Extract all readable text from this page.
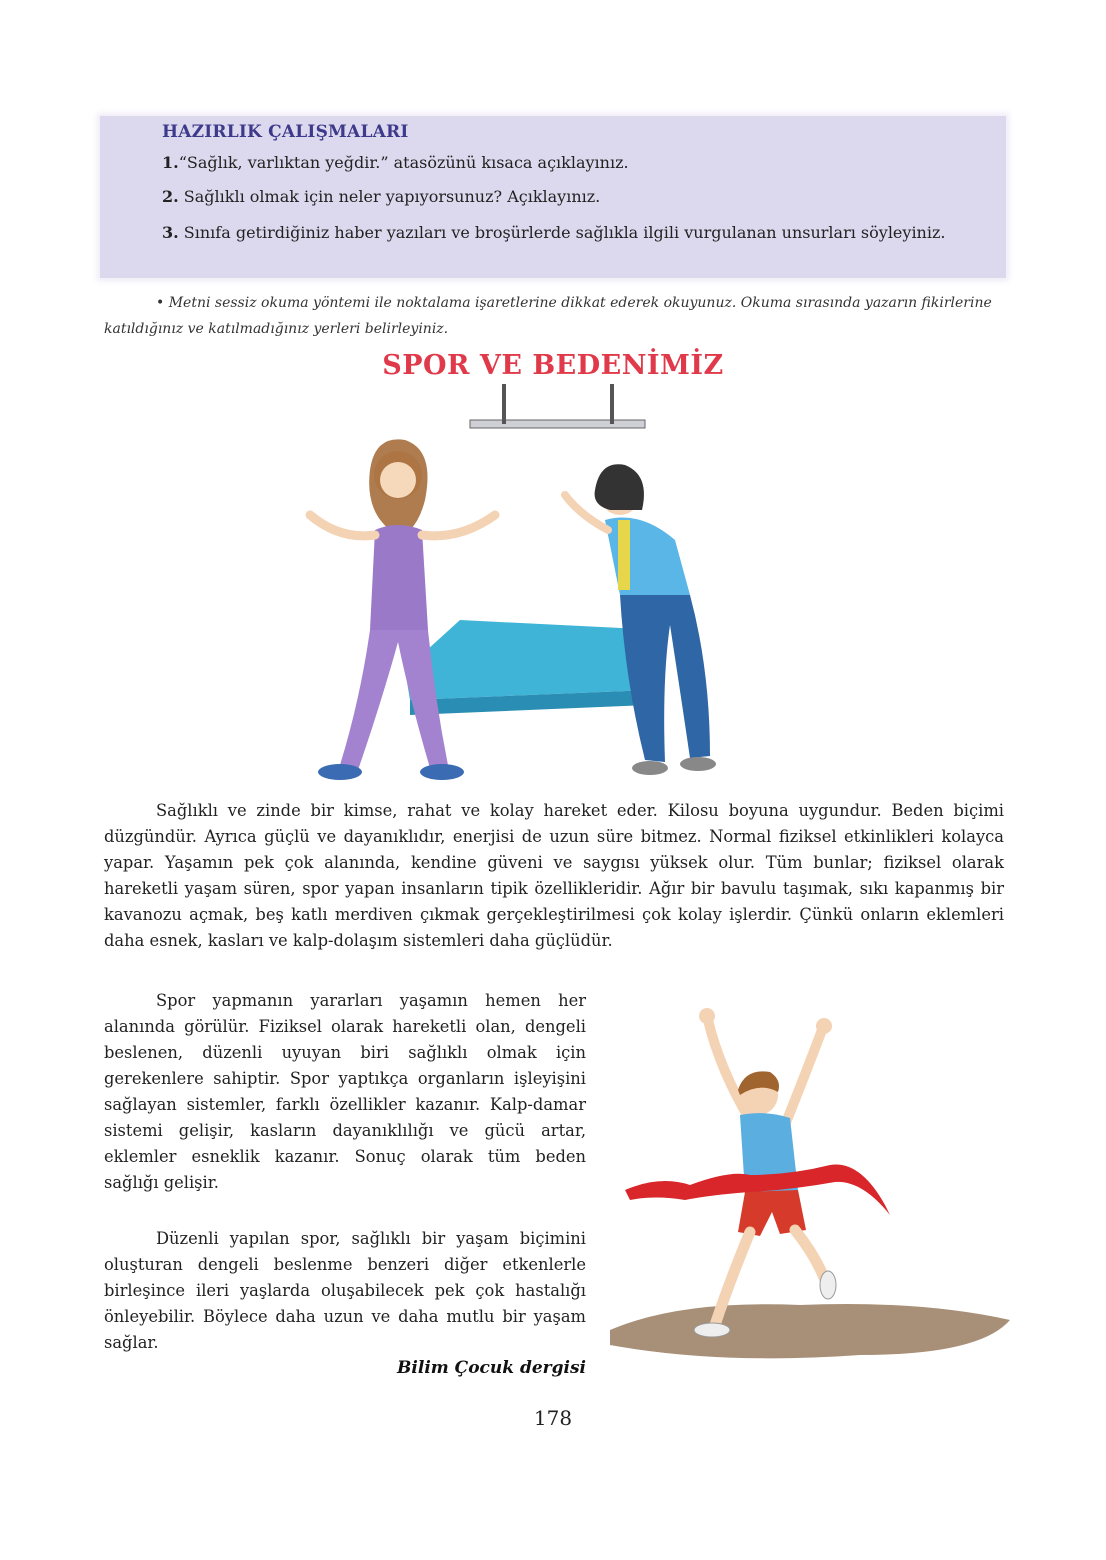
HAZIRLIK ÇALIŞMALARI
1.“Sağlık, varlıktan yeğdir.” atasözünü kısaca açıklayınız.
2. Sağlıklı olmak için neler yapıyorsunuz? Açıklayınız.
3. Sınıfa getirdiğiniz haber yazıları ve broşürlerde sağlıkla ilgili vurgulanan unsurları söyleyiniz.
• Metni sessiz okuma yöntemi ile noktalama işaretlerine dikkat ederek okuyunuz. Okuma sırasında yazarın fikirlerine katıldığınız ve katılmadığınız yerleri belirleyiniz.
SPOR VE BEDENİMİZ
Sağlıklı ve zinde bir kimse, rahat ve kolay hareket eder. Kilosu boyuna uygundur. Beden biçimi düzgündür. Ayrıca güçlü ve dayanıklıdır, enerjisi de uzun süre bitmez. Normal fiziksel etkinlikleri kolayca yapar. Yaşamın pek çok alanında, kendine güveni ve saygısı yüksek olur. Tüm bunlar; fiziksel olarak hareketli yaşam süren, spor yapan insanların tipik özellikleridir. Ağır bir bavulu taşımak, sıkı kapanmış bir kavanozu açmak, beş katlı merdiven çıkmak gerçekleştirilmesi çok kolay işlerdir. Çünkü onların eklemleri daha esnek, kasları ve kalp-dolaşım sistemleri daha güçlüdür.
Spor yapmanın yararları yaşamın hemen her alanında görülür. Fiziksel olarak hareketli olan, dengeli beslenen, düzenli uyuyan biri sağlıklı olmak için gerekenlere sahiptir. Spor yaptıkça organların işleyişini sağlayan sistemler, farklı özellikler kazanır. Kalp-damar sistemi gelişir, kasların dayanıklılığı ve gücü artar, eklemler esneklik kazanır. Sonuç olarak tüm beden sağlığı gelişir.
Düzenli yapılan spor, sağlıklı bir yaşam biçimini oluşturan dengeli beslenme benzeri diğer etkenlerle birleşince ileri yaşlarda oluşabilecek pek çok hastalığı önleyebilir. Böylece daha uzun ve daha mutlu bir yaşam sağlar.
Bilim Çocuk dergisi
178
